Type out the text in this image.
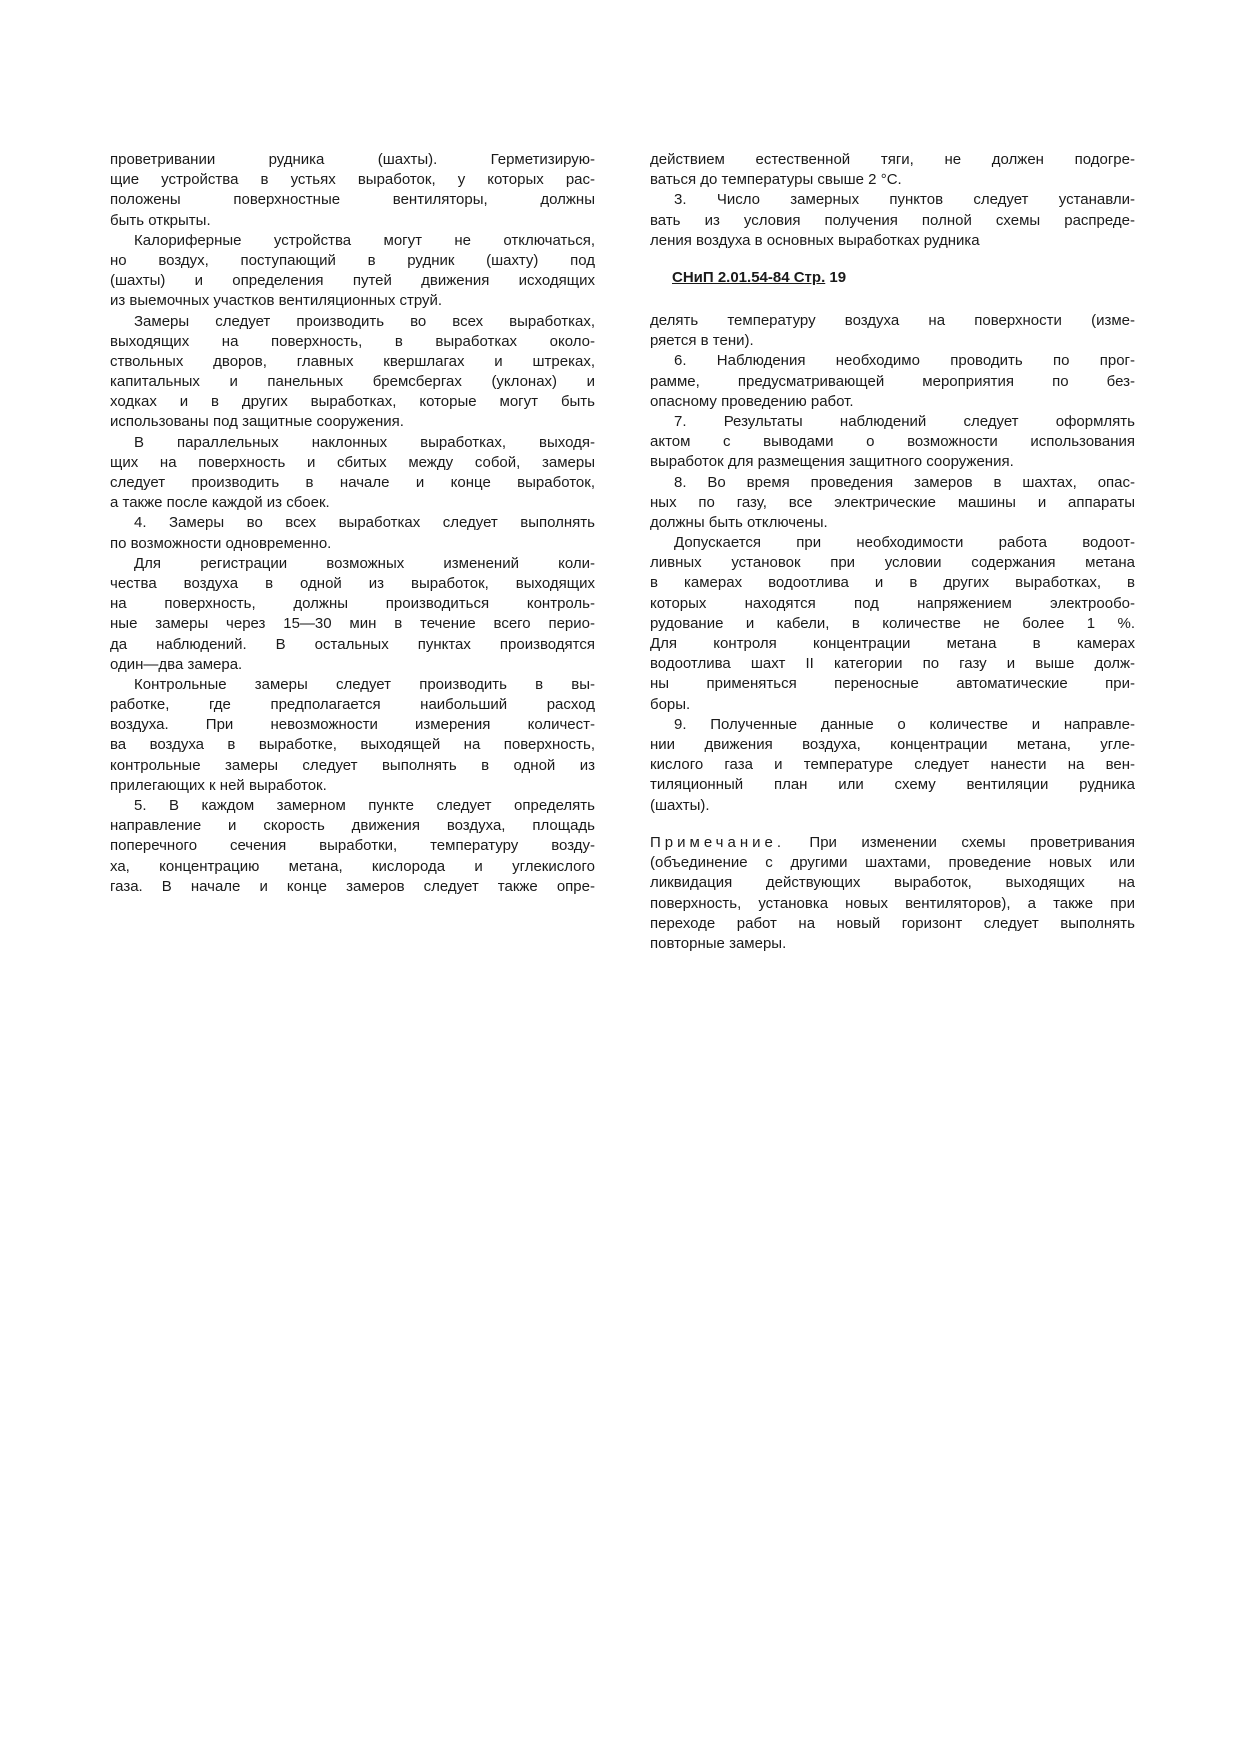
СНиП 2.01.54-84 Стр. 19
проветривании рудника (шахты). Герметизирую-
щие устройства в устьях выработок, у которых рас-
положены поверхностные вентиляторы, должны
быть открыты.
Калориферные устройства могут не отключаться,
но воздух, поступающий в рудник (шахту) под
(шахты) и определения путей движения исходящих
из выемочных участков вентиляционных струй.
Замеры следует производить во всех выработках,
выходящих на поверхность, в выработках около-
ствольных дворов, главных квершлагах и штреках,
капитальных и панельных бремсбергах (уклонах) и
ходках и в других выработках, которые могут быть
использованы под защитные сооружения.
В параллельных наклонных выработках, выходя-
щих на поверхность и сбитых между собой, замеры
следует производить в начале и конце выработок,
а также после каждой из сбоек.
4. Замеры во всех выработках следует выполнять
по возможности одновременно.
Для регистрации возможных изменений коли-
чества воздуха в одной из выработок, выходящих
на поверхность, должны производиться контроль-
ные замеры через 15—30 мин в течение всего перио-
да наблюдений. В остальных пунктах производятся
один—два замера.
Контрольные замеры следует производить в вы-
работке, где предполагается наибольший расход
воздуха. При невозможности измерения количест-
ва воздуха в выработке, выходящей на поверхность,
контрольные замеры следует выполнять в одной из
прилегающих к ней выработок.
5. В каждом замерном пункте следует определять
направление и скорость движения воздуха, площадь
поперечного сечения выработки, температуру возду-
ха, концентрацию метана, кислорода и углекислого
газа. В начале и конце замеров следует также опре-
действием естественной тяги, не должен подогре-
ваться до температуры свыше 2 °С.
3. Число замерных пунктов следует устанавли-
вать из условия получения полной схемы распреде-
ления воздуха в основных выработках рудника
делять температуру воздуха на поверхности (изме-
ряется в тени).
6. Наблюдения необходимо проводить по прог-
рамме, предусматривающей мероприятия по без-
опасному проведению работ.
7. Результаты наблюдений следует оформлять
актом с выводами о возможности использования
выработок для размещения защитного сооружения.
8. Во время проведения замеров в шахтах, опас-
ных по газу, все электрические машины и аппараты
должны быть отключены.
Допускается при необходимости работа водоот-
ливных установок при условии содержания метана
в камерах водоотлива и в других выработках, в
которых находятся под напряжением электрообо-
рудование и кабели, в количестве не более 1 %.
Для контроля концентрации метана в камерах
водоотлива шахт II категории по газу и выше долж-
ны применяться переносные автоматические при-
боры.
9. Полученные данные о количестве и направле-
нии движения воздуха, концентрации метана, угле-
кислого газа и температуре следует нанести на вен-
тиляционный план или схему вентиляции рудника
(шахты).
Примечание. При изменении схемы проветривания
(объединение с другими шахтами, проведение новых или
ликвидация действующих выработок, выходящих на
поверхность, установка новых вентиляторов), а также при
переходе работ на новый горизонт следует выполнять
повторные замеры.
